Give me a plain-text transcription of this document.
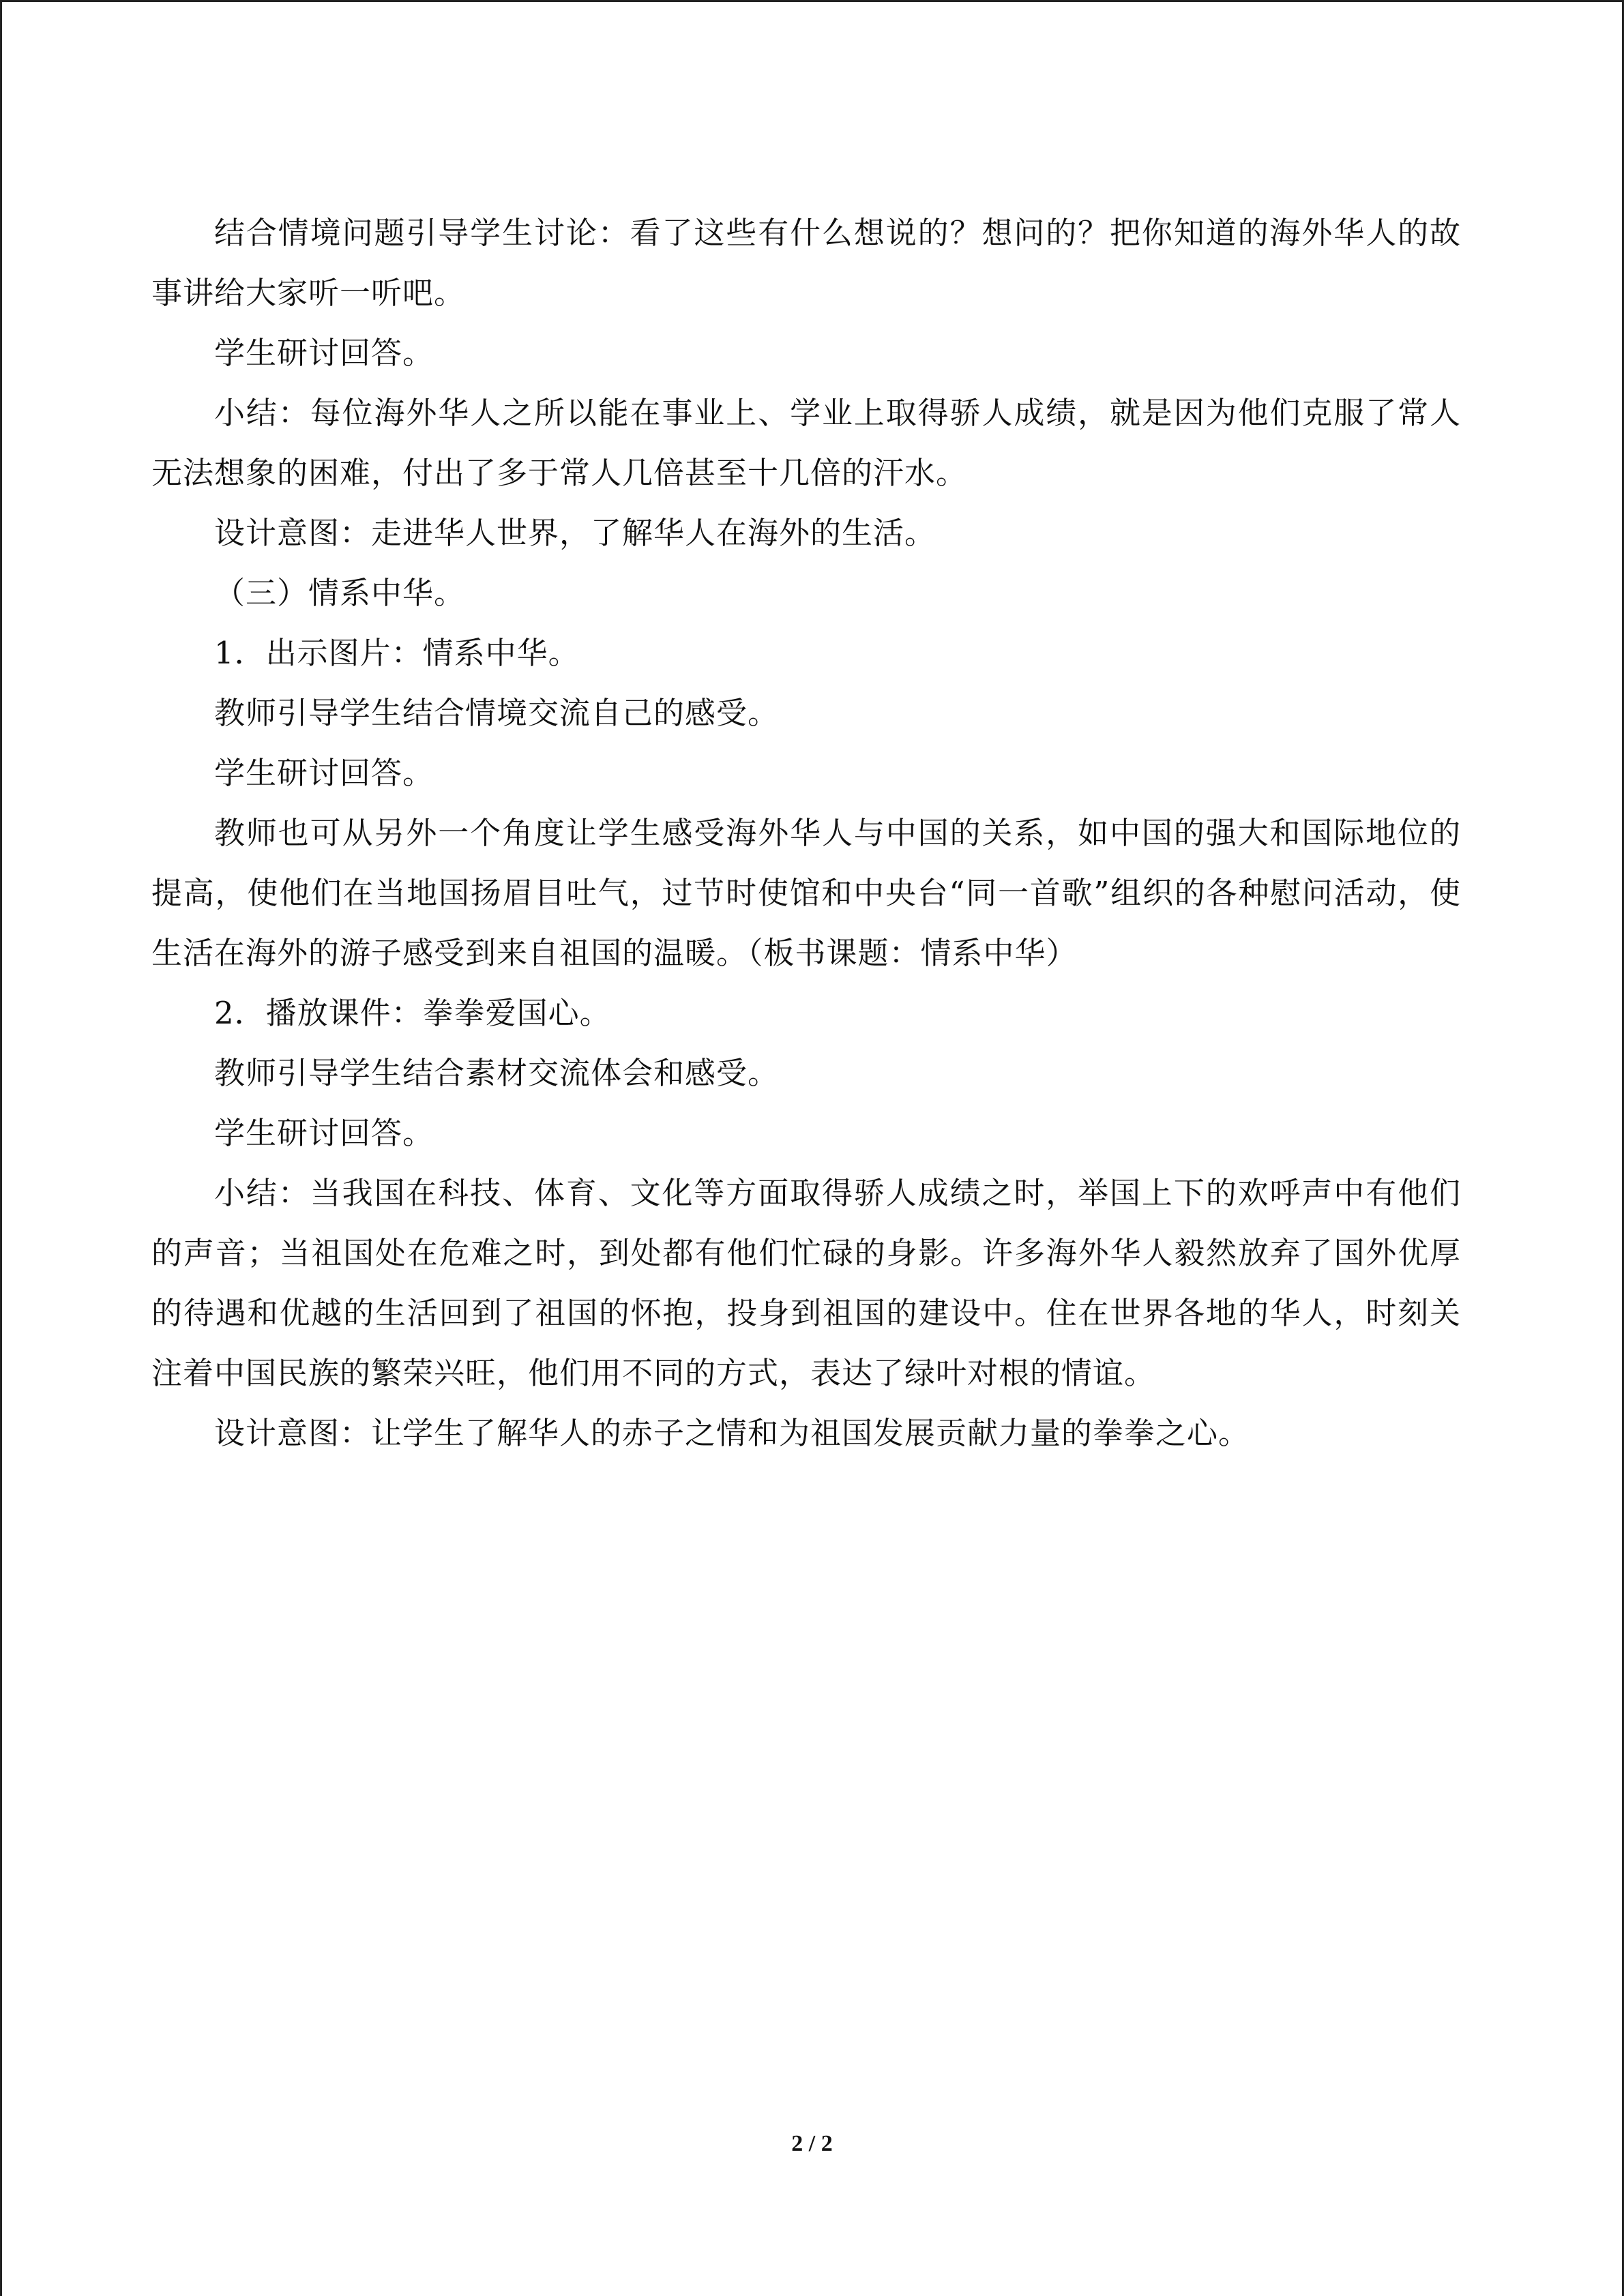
结合情境问题引导学生讨论：看了这些有什么想说的？想问的？把你知道的海外华人的故事讲给大家听一听吧。

学生研讨回答。

小结：每位海外华人之所以能在事业上、学业上取得骄人成绩，就是因为他们克服了常人无法想象的困难，付出了多于常人几倍甚至十几倍的汗水。

设计意图：走进华人世界，了解华人在海外的生活。

（三）情系中华。

1．出示图片：情系中华。

教师引导学生结合情境交流自己的感受。

学生研讨回答。

教师也可从另外一个角度让学生感受海外华人与中国的关系，如中国的强大和国际地位的提高，使他们在当地国扬眉目吐气，过节时使馆和中央台“同一首歌”组织的各种慰问活动，使生活在海外的游子感受到来自祖国的温暖。（板书课题：情系中华）

2．播放课件：拳拳爱国心。

教师引导学生结合素材交流体会和感受。

学生研讨回答。

小结：当我国在科技、体育、文化等方面取得骄人成绩之时，举国上下的欢呼声中有他们的声音；当祖国处在危难之时，到处都有他们忙碌的身影。许多海外华人毅然放弃了国外优厚的待遇和优越的生活回到了祖国的怀抱，投身到祖国的建设中。住在世界各地的华人，时刻关注着中国民族的繁荣兴旺，他们用不同的方式，表达了绿叶对根的情谊。

设计意图：让学生了解华人的赤子之情和为祖国发展贡献力量的拳拳之心。

2 / 2
